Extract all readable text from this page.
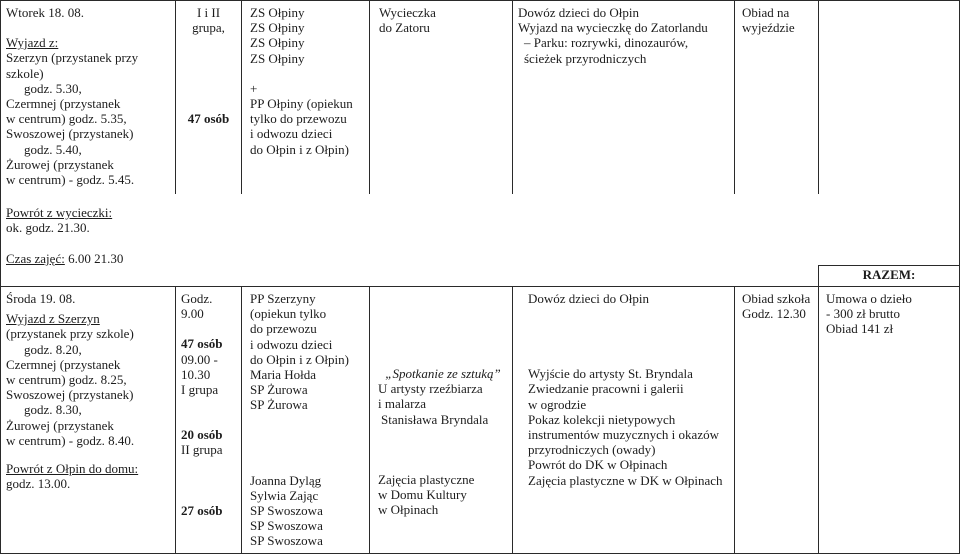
Wtorek 18. 08.
Wyjazd z:
Szerzyn (przystanek przy
szkole)
godz. 5.30,
Czermnej (przystanek
w centrum) godz. 5.35,
Swoszowej (przystanek)
godz. 5.40,
Żurowej (przystanek
w centrum) - godz. 5.45.
I i II
grupa,
47 osób
ZS Ołpiny
ZS Ołpiny
ZS Ołpiny
ZS Ołpiny
+
PP Ołpiny (opiekun
tylko do przewozu
i odwozu dzieci
do Ołpin i z Ołpin)
Wycieczka
do Zatoru
Dowóz dzieci do Ołpin
Wyjazd na wycieczkę do Zatorlandu
– Parku: rozrywki, dinozaurów,
ścieżek przyrodniczych
Obiad na
wyjeździe
Powrót z wycieczki:
ok. godz. 21.30.
Czas zajęć: 6.00 21.30
RAZEM:
Środa 19. 08.
Wyjazd z Szerzyn
(przystanek przy szkole)
godz. 8.20,
Czermnej (przystanek
w centrum) godz. 8.25,
Swoszowej (przystanek)
godz. 8.30,
Żurowej (przystanek
w centrum) - godz. 8.40.
Powrót z Ołpin do domu:
godz. 13.00.
Godz.
9.00
47 osób
09.00 -
10.30
I grupa
20 osób
II grupa
27 osób
PP Szerzyny
(opiekun tylko
do przewozu
i odwozu dzieci
do Ołpin i z Ołpin)
Maria Hołda
SP Żurowa
SP Żurowa
Joanna Dyląg
Sylwia Zając
SP Swoszowa
SP Swoszowa
SP Swoszowa
„Spotkanie ze sztuką”
U artysty rzeźbiarza
i malarza
Stanisława Bryndala
Zajęcia plastyczne
w Domu Kultury
w Ołpinach
Dowóz dzieci do Ołpin
Wyjście do artysty St. Bryndala
Zwiedzanie pracowni i galerii
w ogrodzie
Pokaz kolekcji nietypowych
instrumentów muzycznych i okazów
przyrodniczych (owady)
Powrót do DK w Ołpinach
Zajęcia plastyczne w DK w Ołpinach
Obiad szkoła
Godz. 12.30
Umowa o dzieło
- 300 zł brutto
Obiad 141 zł
